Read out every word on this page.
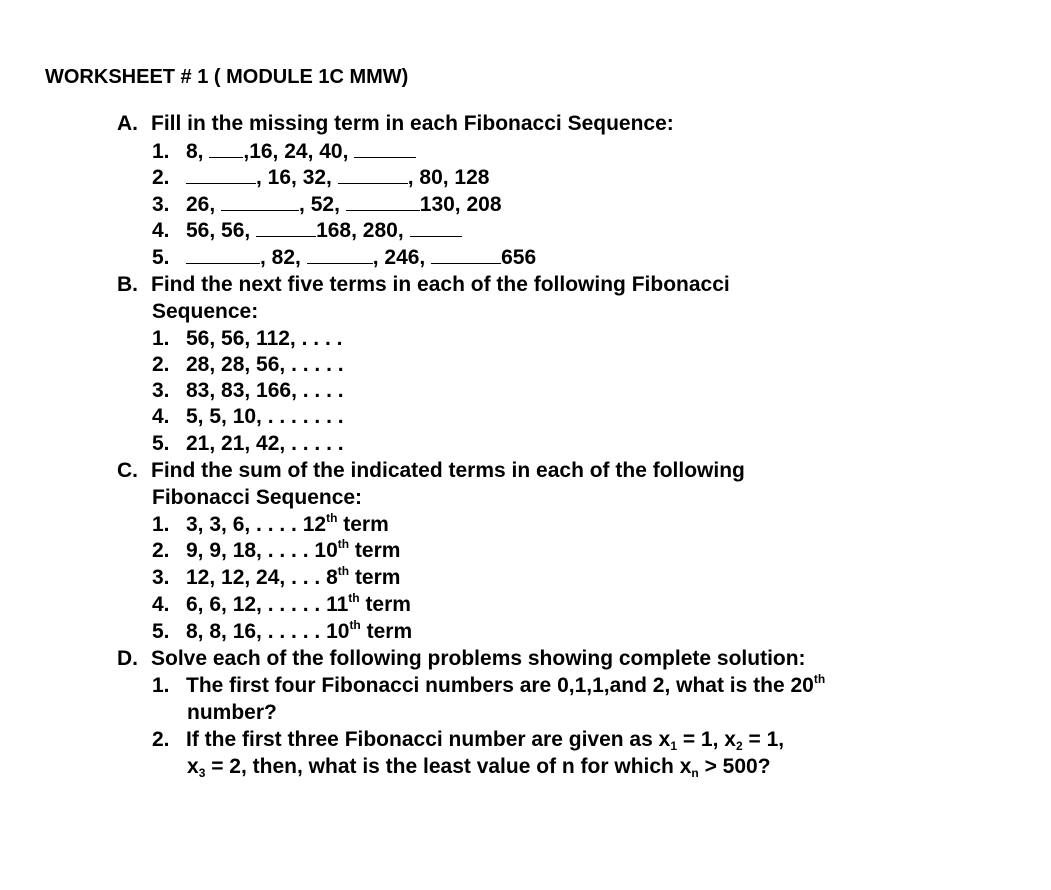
WORKSHEET # 1 ( MODULE 1C MMW)
A. Fill in the missing term in each Fibonacci Sequence:
1. 8, ,16, 24, 40,
2.	, 16, 32,	, 80, 128
3. 26,	, 52,	130, 208
4. 56, 56,	168, 280,
5.	, 82,	, 246,	656
B. Find the next five terms in each of the following Fibonacci
Sequence:
1. 56, 56, 112, . . . .
2. 28, 28, 56, . . . . .
3. 83, 83, 166, . . . .
4. 5, 5, 10, . . . . . . .
5. 21, 21, 42, . . . . .
C. Find the sum of the indicated terms in each of the following
Fibonacci Sequence:
1. 3, 3, 6, . . . . 12th term
2. 9, 9, 18, . . . . 10th term
3. 12, 12, 24, . . . 8th term
4. 6, 6, 12, . . . . . 11th term
5. 8, 8, 16, . . . . . 10th term
D. Solve each of the following problems showing complete solution:
1. The first four Fibonacci numbers are 0,1,1,and 2, what is the 20th
number?
2. If the first three Fibonacci number are given as $x_1 = 1$, $x_2 = 1$,
$x_3 = 2$, then, what is the least value of n for which $x_n > 500$?
